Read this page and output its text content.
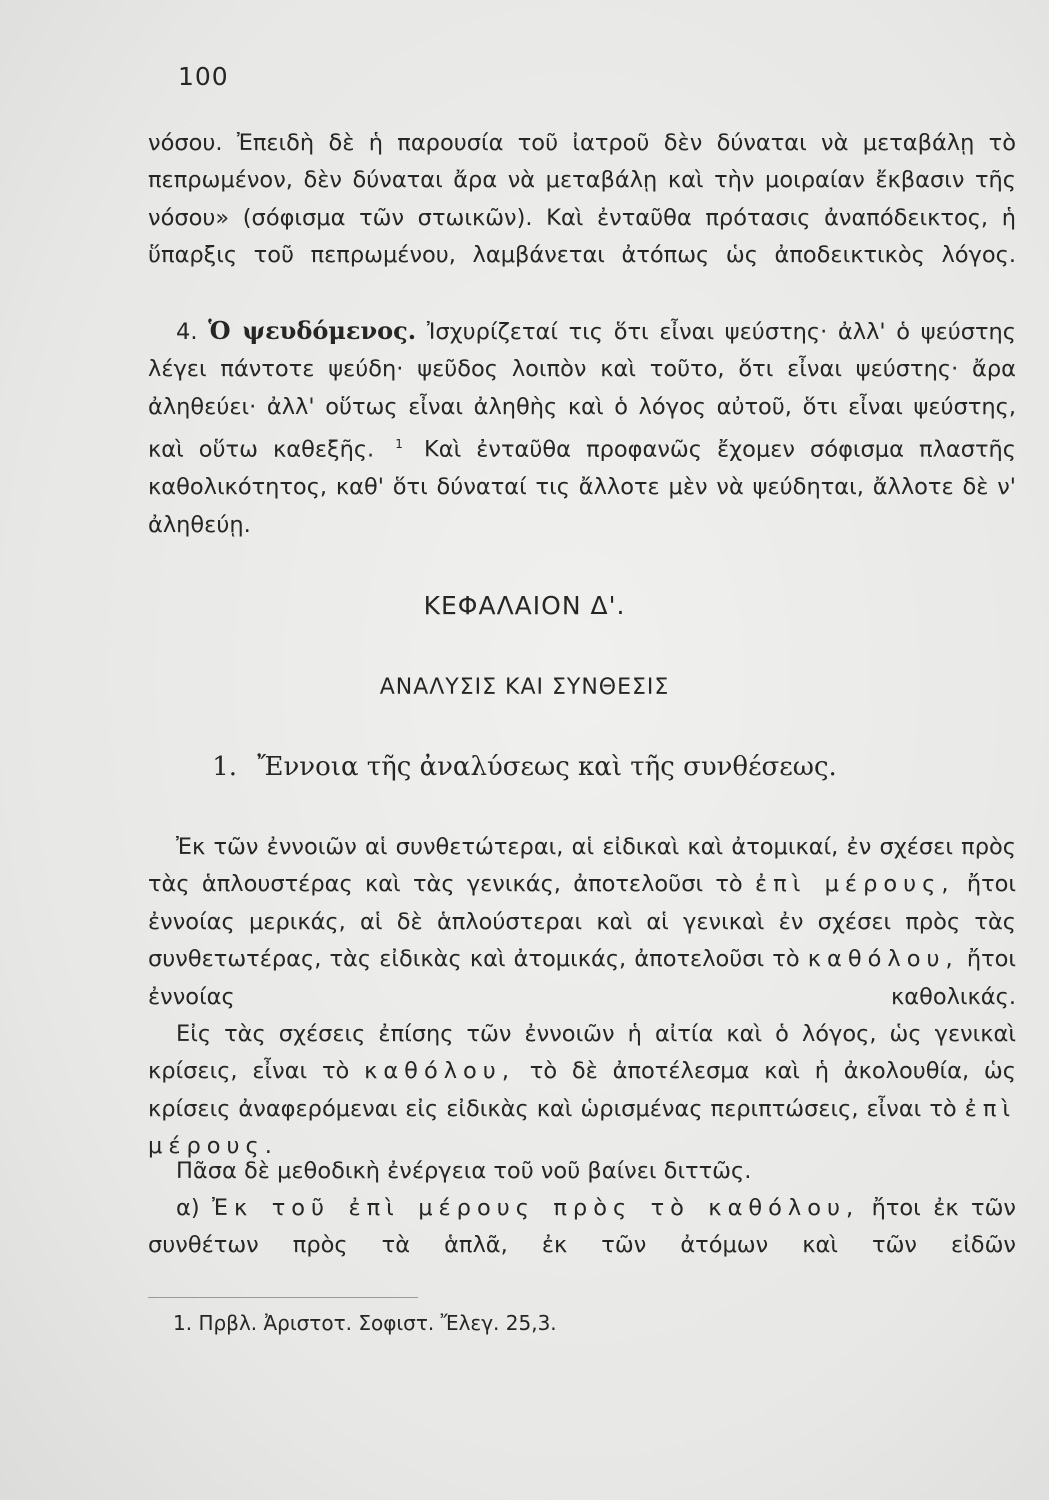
100
νόσου. Ἐπειδὴ δὲ ἡ παρουσία τοῦ ἰατροῦ δὲν δύναται νὰ μεταβάλῃ τὸ πεπρωμένον, δὲν δύναται ἄρα νὰ μεταβάλῃ καὶ τὴν μοιραίαν ἔκβασιν τῆς νόσου» (σόφισμα τῶν στωικῶν). Καὶ ἐνταῦθα πρότασις ἀναπόδεικτος, ἡ ὕπαρξις τοῦ πεπρωμένου, λαμβάνεται ἀτόπως ὡς ἀποδεικτικὸς λόγος.
4. Ὁ ψευδόμενος. Ἰσχυρίζεταί τις ὅτι εἶναι ψεύστης· ἀλλ' ὁ ψεύστης λέγει πάντοτε ψεύδη· ψεῦδος λοιπὸν καὶ τοῦτο, ὅτι εἶναι ψεύστης· ἄρα ἀληθεύει· ἀλλ' οὕτως εἶναι ἀληθὴς καὶ ὁ λόγος αὐτοῦ, ὅτι εἶναι ψεύστης, καὶ οὕτω καθεξῆς. $^1$ Καὶ ἐνταῦθα προφανῶς ἔχομεν σόφισμα πλαστῆς καθολικότητος, καθ' ὅτι δύναταί τις ἄλλοτε μὲν νὰ ψεύδηται, ἄλλοτε δὲ ν' ἀληθεύῃ.
ΚΕΦΑΛΑΙΟΝ Δ'.
ΑΝΑΛΥΣΙΣ ΚΑΙ ΣΥΝΘΕΣΙΣ
1. Ἔννοια τῆς ἀναλύσεως καὶ τῆς συνθέσεως.
Ἐκ τῶν ἐννοιῶν αἱ συνθετώτεραι, αἱ εἰδικαὶ καὶ ἀτομικαί, ἐν σχέσει πρὸς τὰς ἁπλουστέρας καὶ τὰς γενικάς, ἀποτελοῦσι τὸ ἐπὶ μέρους, ἤτοι ἐννοίας μερικάς, αἱ δὲ ἁπλούστεραι καὶ αἱ γενικαὶ ἐν σχέσει πρὸς τὰς συνθετωτέρας, τὰς εἰδικὰς καὶ ἀτομικάς, ἀποτελοῦσι τὸ καθόλου, ἤτοι ἐννοίας καθολικάς.
Εἰς τὰς σχέσεις ἐπίσης τῶν ἐννοιῶν ἡ αἰτία καὶ ὁ λόγος, ὡς γενικαὶ κρίσεις, εἶναι τὸ καθόλου, τὸ δὲ ἀποτέλεσμα καὶ ἡ ἀκολουθία, ὡς κρίσεις ἀναφερόμεναι εἰς εἰδικὰς καὶ ὡρισμένας περιπτώσεις, εἶναι τὸ ἐπὶ μέρους.
Πᾶσα δὲ μεθοδικὴ ἐνέργεια τοῦ νοῦ βαίνει διττῶς.
α) Ἐκ τοῦ ἐπὶ μέρους πρὸς τὸ καθόλου, ἤτοι ἐκ τῶν συνθέτων πρὸς τὰ ἁπλᾶ, ἐκ τῶν ἀτόμων καὶ τῶν εἰδῶν
1. Πρβλ. Ἀριστοτ. Σοφιστ. Ἔλεγ. 25,3.
